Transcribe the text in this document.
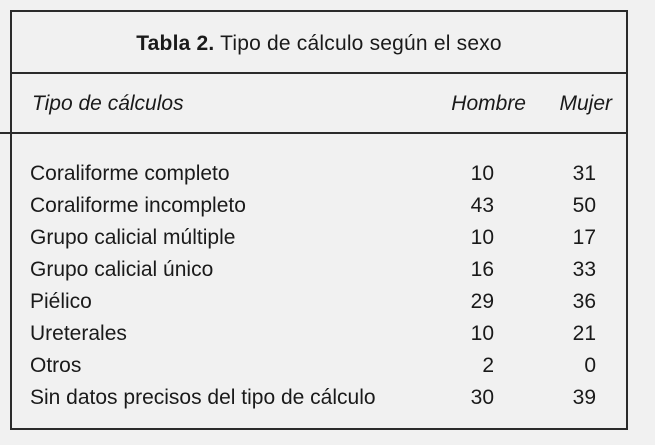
Tabla 2. Tipo de cálculo según el sexo
Tipo de cálculos	Hombre Mujer
Coraliforme completo	10	31
Coraliforme incompleto	43	50
Grupo calicial múltiple	10	17
Grupo calicial único	16	33
Piélico	29	36
Ureterales	10	21
Otros	2	0
Sin datos precisos del tipo de cálculo	30	39
